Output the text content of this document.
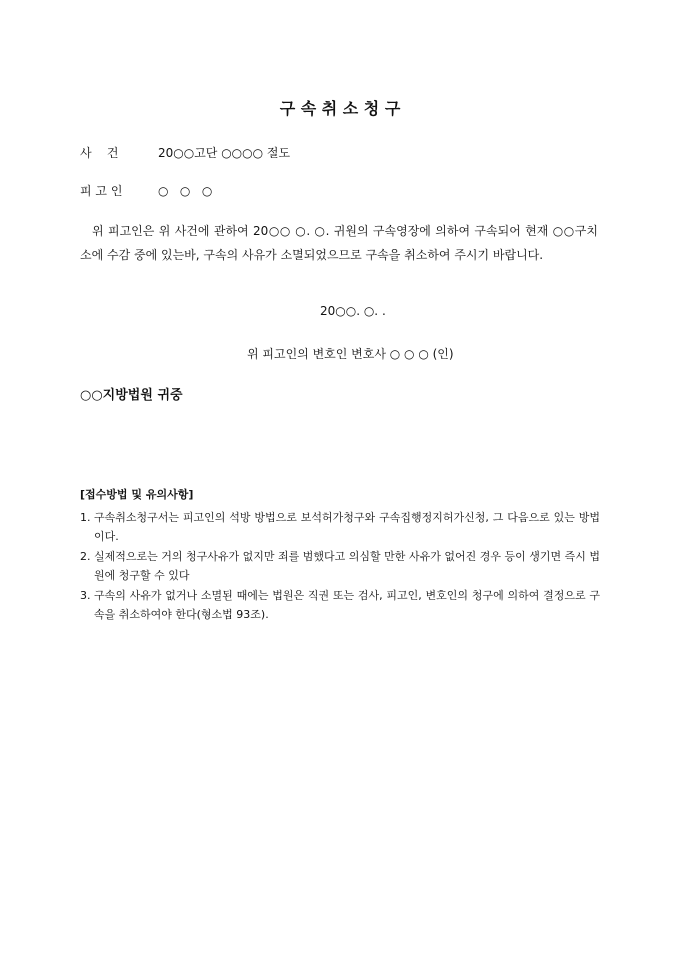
구 속 취 소 청 구
사    건	20○○고단 ○○○○ 절도
피 고 인	○   ○   ○
위 피고인은 위 사건에 관하여 20○○ ○. ○. 귀원의 구속영장에 의하여 구속되어 현재 ○○구치소에 수감 중에 있는바, 구속의 사유가 소멸되었으므로 구속을 취소하여 주시기 바랍니다.
20○○. ○. .
위 피고인의 변호인 변호사 ○ ○ ○ (인)
○○지방법원 귀중
[접수방법 및 유의사항]
1. 구속취소청구서는 피고인의 석방 방법으로 보석허가청구와 구속집행정지허가신청, 그 다음으로 있는 방법이다.
2. 실제적으로는 거의 청구사유가 없지만 죄를 범했다고 의심할 만한 사유가 없어진 경우 등이 생기면 즉시 법원에 청구할 수 있다
3. 구속의 사유가 없거나 소멸된 때에는 법원은 직권 또는 검사, 피고인, 변호인의 청구에 의하여 결정으로 구속을 취소하여야 한다(형소법 93조).
